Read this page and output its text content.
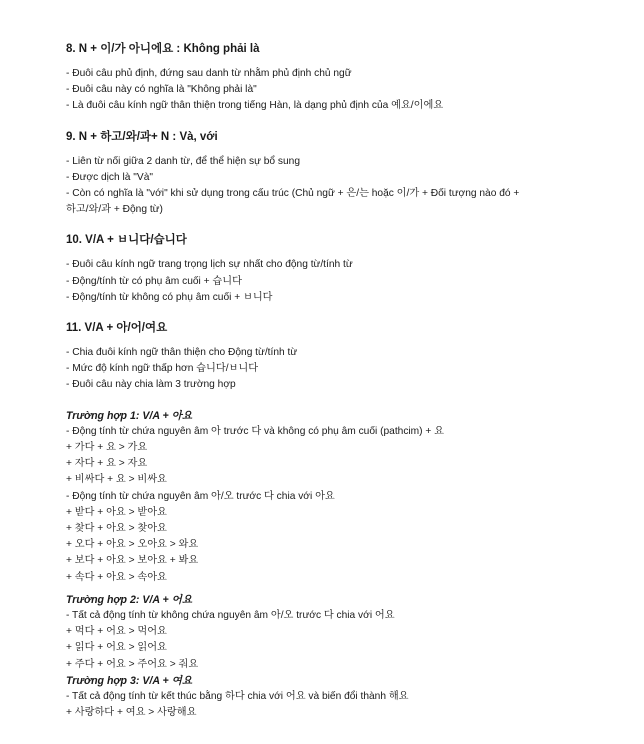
8. N + 이/가 아니에요 : Không phải là

- Đuôi câu phủ định, đứng sau danh từ nhằm phủ định chủ ngữ

- Đuôi câu này có nghĩa là "Không phải là"

- Là đuôi câu kính ngữ thân thiện trong tiếng Hàn, là dạng phủ định của 예요/이에요

9. N + 하고/와/과+ N : Và, với

- Liên từ nối giữa 2 danh từ, để thể hiện sự bổ sung

- Được dịch là "Và"

- Còn có nghĩa là "với" khi sử dụng trong cấu trúc (Chủ ngữ + 은/는 hoặc 이/가 + Đối tượng nào đó +

하고/와/과 + Động từ)

10. V/A + ㅂ니다/습니다

- Đuôi câu kính ngữ trang trọng lịch sự nhất cho động từ/tính từ

- Động/tính từ có phụ âm cuối + 습니다

- Động/tính từ không có phụ âm cuối + ㅂ니다

11. V/A + 아/어/여요

- Chia đuôi kính ngữ thân thiện cho Động từ/tính từ

- Mức độ kính ngữ thấp hơn 습니다/ㅂ니다

- Đuôi câu này chia làm 3 trường hợp

Trường hợp 1: V/A + 아요

- Động tính từ chứa nguyên âm 아 trước 다 và không có phụ âm cuối (pathcim) + 요

+ 가다 + 요 > 가요

+ 자다 + 요 > 자요

+ 비싸다 + 요 > 비싸요

- Động tính từ chứa nguyên âm 아/오 trước 다 chia với 아요

+ 받다 + 아요 > 받아요

+ 찾다 + 아요 > 찾아요

+ 오다 + 아요 > 오아요 > 와요

+ 보다 + 아요 > 보아요 + 봐요

+ 속다 + 아요 > 속아요

Trường hợp 2: V/A + 어요

- Tất cả động tính từ không chứa nguyên âm 아/오 trước 다 chia với 어요

+ 먹다 + 어요 > 먹어요

+ 읽다 + 어요 > 읽어요

+ 주다 + 어요 > 주어요 > 줘요

Trường hợp 3: V/A + 여요

- Tất cả động tính từ kết thúc bằng 하다 chia với 어요 và biến đổi thành 해요

+ 사랑하다 + 여요 > 사랑해요
